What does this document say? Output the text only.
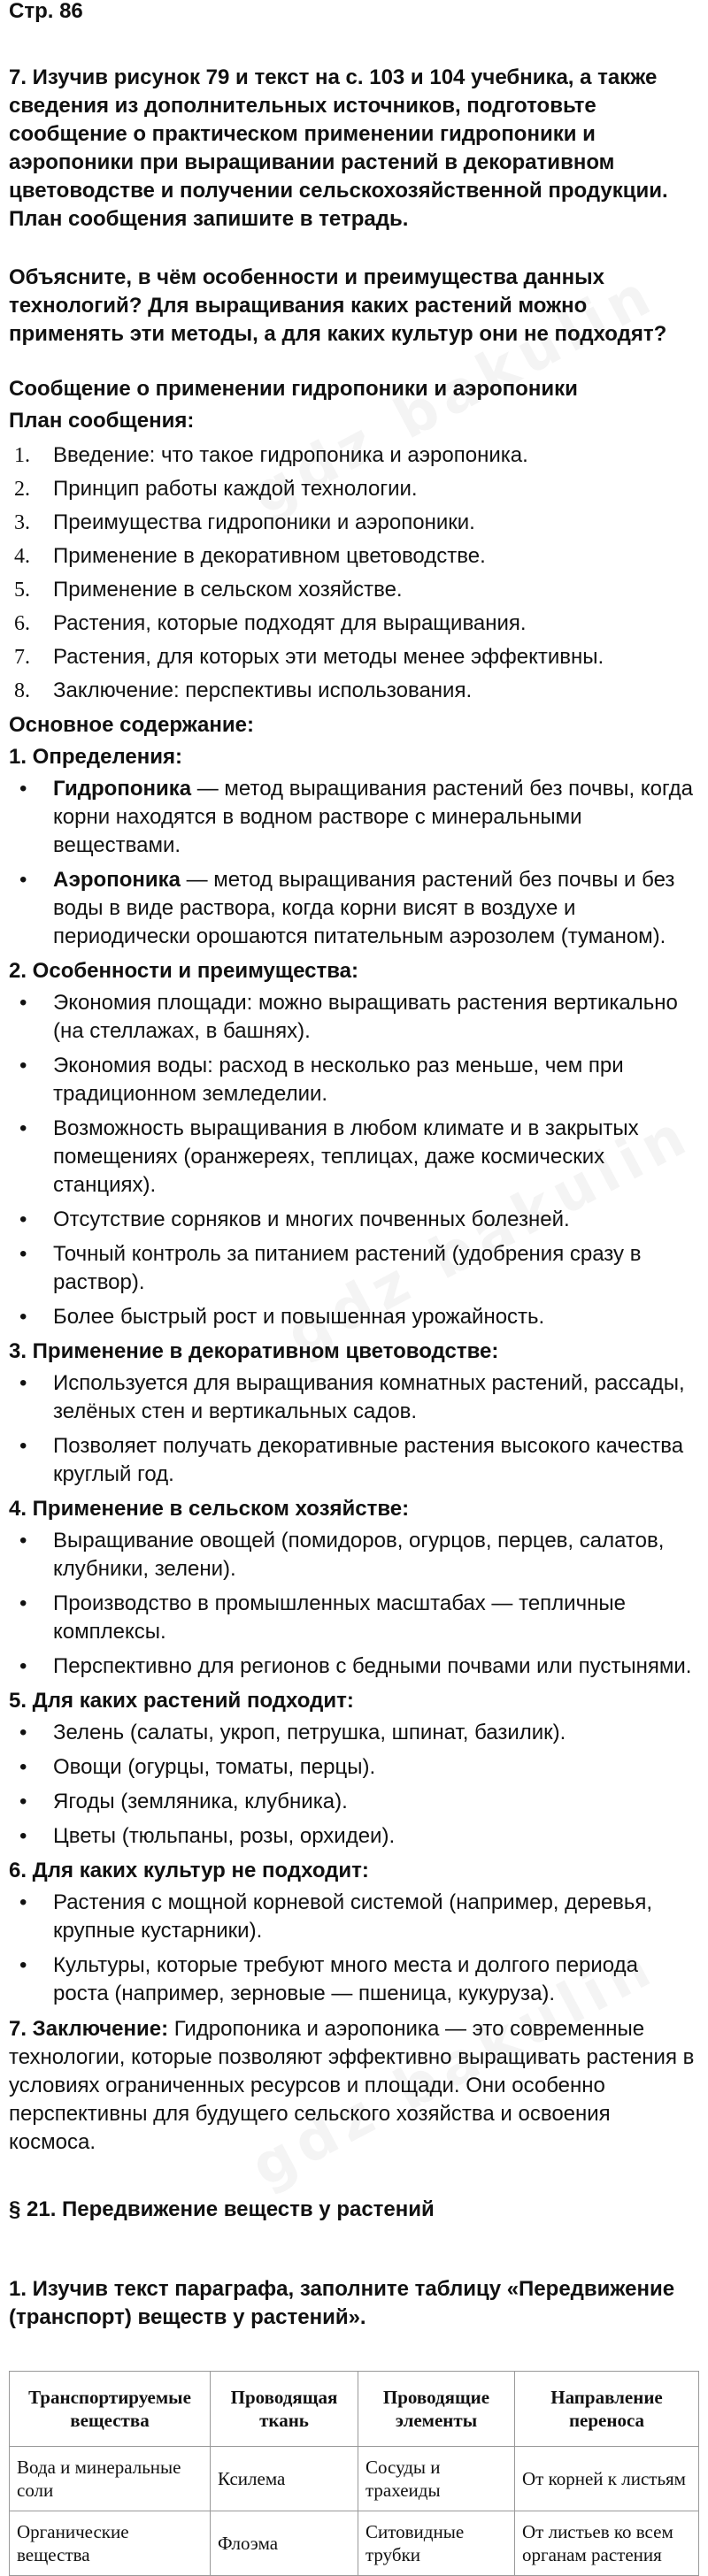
Стр. 86

7. Изучив рисунок 79 и текст на с. 103 и 104 учебника, а также сведения из дополнительных источников, подготовьте сообщение о практическом применении гидропоники и аэропоники при выращивании растений в декоративном цветоводстве и получении сельскохозяйственной продукции. План сообщения запишите в тетрадь.

Объясните, в чём особенности и преимущества данных технологий? Для выращивания каких растений можно применять эти методы, а для каких культур они не подходят?

Сообщение о применении гидропоники и аэропоники

План сообщения:

1.	Введение: что такое гидропоника и аэропоника.
2.	Принцип работы каждой технологии.
3.	Преимущества гидропоники и аэропоники.
4.	Применение в декоративном цветоводстве.
5.	Применение в сельском хозяйстве.
6.	Растения, которые подходят для выращивания.
7.	Растения, для которых эти методы менее эффективны.
8.	Заключение: перспективы использования.

Основное содержание:

1. Определения:

• Гидропоника — метод выращивания растений без почвы, когда корни находятся в водном растворе с минеральными веществами.
• Аэропоника — метод выращивания растений без почвы и без воды в виде раствора, когда корни висят в воздухе и периодически орошаются питательным аэрозолем (туманом).

2. Особенности и преимущества:

• Экономия площади: можно выращивать растения вертикально (на стеллажах, в башнях).
• Экономия воды: расход в несколько раз меньше, чем при традиционном земледелии.
• Возможность выращивания в любом климате и в закрытых помещениях (оранжереях, теплицах, даже космических станциях).
• Отсутствие сорняков и многих почвенных болезней.
• Точный контроль за питанием растений (удобрения сразу в раствор).
• Более быстрый рост и повышенная урожайность.

3. Применение в декоративном цветоводстве:

• Используется для выращивания комнатных растений, рассады, зелёных стен и вертикальных садов.
• Позволяет получать декоративные растения высокого качества круглый год.

4. Применение в сельском хозяйстве:

• Выращивание овощей (помидоров, огурцов, перцев, салатов, клубники, зелени).
• Производство в промышленных масштабах — тепличные комплексы.
• Перспективно для регионов с бедными почвами или пустынями.

5. Для каких растений подходит:

• Зелень (салаты, укроп, петрушка, шпинат, базилик).
• Овощи (огурцы, томаты, перцы).
• Ягоды (земляника, клубника).
• Цветы (тюльпаны, розы, орхидеи).

6. Для каких культур не подходит:

• Растения с мощной корневой системой (например, деревья, крупные кустарники).
• Культуры, которые требуют много места и долгого периода роста (например, зерновые — пшеница, кукуруза).

7. Заключение: Гидропоника и аэропоника — это современные технологии, которые позволяют эффективно выращивать растения в условиях ограниченных ресурсов и площади. Они особенно перспективны для будущего сельского хозяйства и освоения космоса.

§ 21. Передвижение веществ у растений

1. Изучив текст параграфа, заполните таблицу «Передвижение (транспорт) веществ у растений».

Транспортируемые вещества	Проводящая ткань	Проводящие элементы	Направление переноса
Вода и минеральные соли	Ксилема	Сосуды и трахеиды	От корней к листьям
Органические вещества	Флоэма	Ситовидные трубки	От листьев ко всем органам растения
